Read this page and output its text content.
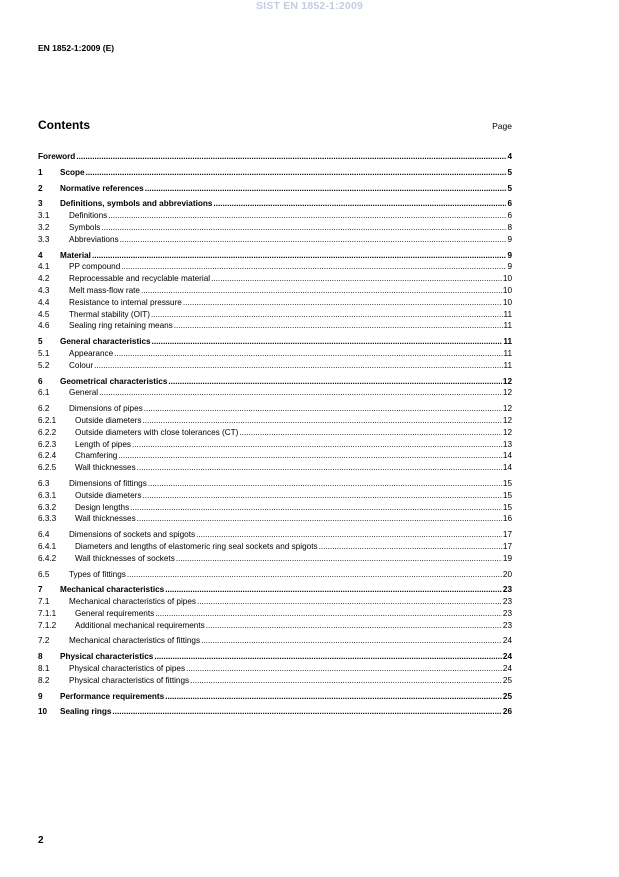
SIST EN 1852-1:2009
EN 1852-1:2009 (E)
Contents	Page
Foreword .....	4
1 Scope .....	5
2 Normative references .....	5
3 Definitions, symbols and abbreviations .....	6
3.1 Definitions .....	6
3.2 Symbols .....	8
3.3 Abbreviations .....	9
4 Material .....	9
4.1 PP compound .....	9
4.2 Reprocessable and recyclable material .....	10
4.3 Melt mass-flow rate .....	10
4.4 Resistance to internal pressure .....	10
4.5 Thermal stability (OIT) .....	11
4.6 Sealing ring retaining means .....	11
5 General characteristics .....	11
5.1 Appearance .....	11
5.2 Colour .....	11
6 Geometrical characteristics .....	12
6.1 General .....	12
6.2 Dimensions of pipes .....	12
6.2.1 Outside diameters .....	12
6.2.2 Outside diameters with close tolerances (CT) .....	12
6.2.3 Length of pipes .....	13
6.2.4 Chamfering .....	14
6.2.5 Wall thicknesses .....	14
6.3 Dimensions of fittings .....	15
6.3.1 Outside diameters .....	15
6.3.2 Design lengths .....	15
6.3.3 Wall thicknesses .....	16
6.4 Dimensions of sockets and spigots .....	17
6.4.1 Diameters and lengths of elastomeric ring seal sockets and spigots .....	17
6.4.2 Wall thicknesses of sockets .....	19
6.5 Types of fittings .....	20
7 Mechanical characteristics .....	23
7.1 Mechanical characteristics of pipes .....	23
7.1.1 General requirements .....	23
7.1.2 Additional mechanical requirements .....	23
7.2 Mechanical characteristics of fittings .....	24
8 Physical characteristics .....	24
8.1 Physical characteristics of pipes .....	24
8.2 Physical characteristics of fittings .....	25
9 Performance requirements .....	25
10 Sealing rings .....	26
2
